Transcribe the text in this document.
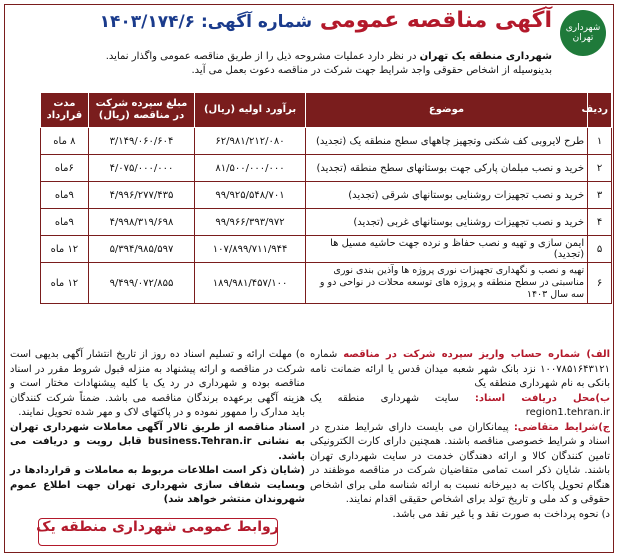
شهرداری تهران
آگهی مناقصه عمومی شماره آگهی: ۱۴۰۳/۱۷۴/۶
شهرداری منطقه یک تهران در نظر دارد عملیات مشروحه ذیل را از طریق مناقصه عمومی واگذار نماید.
بدینوسیله از اشخاص حقوقی واجد شرایط جهت شرکت در مناقصه دعوت بعمل می آید.
ردیف	موضوع	برآورد اولیه (ریال)	مبلغ سپرده شرکت در مناقصه (ریال)	مدت قرارداد
۱	طرح لایروبی کف شکنی وتجهیز چاههای سطح منطقه یک (تجدید)	۶۲/۹۸۱/۲۱۲/۰۸۰	۳/۱۴۹/۰۶۰/۶۰۴	۸ ماه
۲	خرید و نصب مبلمان پارکی جهت بوستانهای سطح منطقه (تجدید)	۸۱/۵۰۰/۰۰۰/۰۰۰	۴/۰۷۵/۰۰۰/۰۰۰	۶ماه
۳	خرید و نصب تجهیزات روشنایی بوستانهای شرقی (تجدید)	۹۹/۹۲۵/۵۴۸/۷۰۱	۴/۹۹۶/۲۷۷/۴۳۵	۹ماه
۴	خرید و نصب تجهیزات روشنایی بوستانهای غربی (تجدید)	۹۹/۹۶۶/۳۹۳/۹۷۲	۴/۹۹۸/۳۱۹/۶۹۸	۹ماه
۵	ایمن سازی و تهیه و نصب حفاظ و نرده جهت حاشیه مسیل ها (تجدید)	۱۰۷/۸۹۹/۷۱۱/۹۴۴	۵/۳۹۴/۹۸۵/۵۹۷	۱۲ ماه
۶	تهیه و نصب و نگهداری تجهیزات نوری پروژه ها وآذین بندی نوری مناسبتی در سطح منطقه و پروژه های توسعه محلات در نواحی دو و سه سال ۱۴۰۳	۱۸۹/۹۸۱/۴۵۷/۱۰۰	۹/۴۹۹/۰۷۲/۸۵۵	۱۲ ماه
الف) شماره حساب واریز سپرده شرکت در مناقصه شماره ۱۰۰۷۸۵۱۶۴۳۱۲۱ نزد بانک شهر شعبه میدان قدس یا ارائه ضمانت نامه بانکی به نام شهرداری منطقه یک
ب)محل دریافت اسناد: سایت شهرداری منطقه یک region1.tehran.ir
ج)شرایط متقاضی: پیمانکاران می بایست دارای شرایط مندرج در اسناد و شرایط خصوصی مناقصه باشند. همچنین دارای کارت الکترونیکی تامین کنندگان کالا و ارائه دهندگان خدمت در سایت شهرداری تهران باشند. شایان ذکر است تمامی متقاضیان شرکت در مناقصه موظفند در هنگام تحویل پاکات به دبیرخانه نسبت به ارائه شناسه ملی برای اشخاص حقوقی و کد ملی و تاریخ تولد برای اشخاص حقیقی اقدام نمایند.
د) نحوه پرداخت به صورت نقد و یا غیر نقد می باشد.
ه) مهلت ارائه و تسلیم اسناد ده روز از تاریخ انتشار آگهی بدیهی است شرکت در مناقصه و ارائه پیشنهاد به منزله قبول شروط مقرر در اسناد مناقصه بوده و شهرداری در رد یک یا کلیه پیشنهادات مختار است و هزینه آگهی برعهده برندگان مناقصه می باشد. ضمناً شرکت کنندگان باید مدارک را ممهور نموده و در پاکتهای لاک و مهر شده تحویل نمایند.
اسناد مناقصه از طریق تالار آگهی معاملات شهرداری تهران به نشانی business.Tehran.ir قابل رویت و دریافت می باشد.
(شایان ذکر است اطلاعات مربوط به معاملات و قراردادها در وبسایت شفاف سازی شهرداری تهران جهت اطلاع عموم شهروندان منتشر خواهد شد)
روابط عمومی شهرداری منطقه یک
